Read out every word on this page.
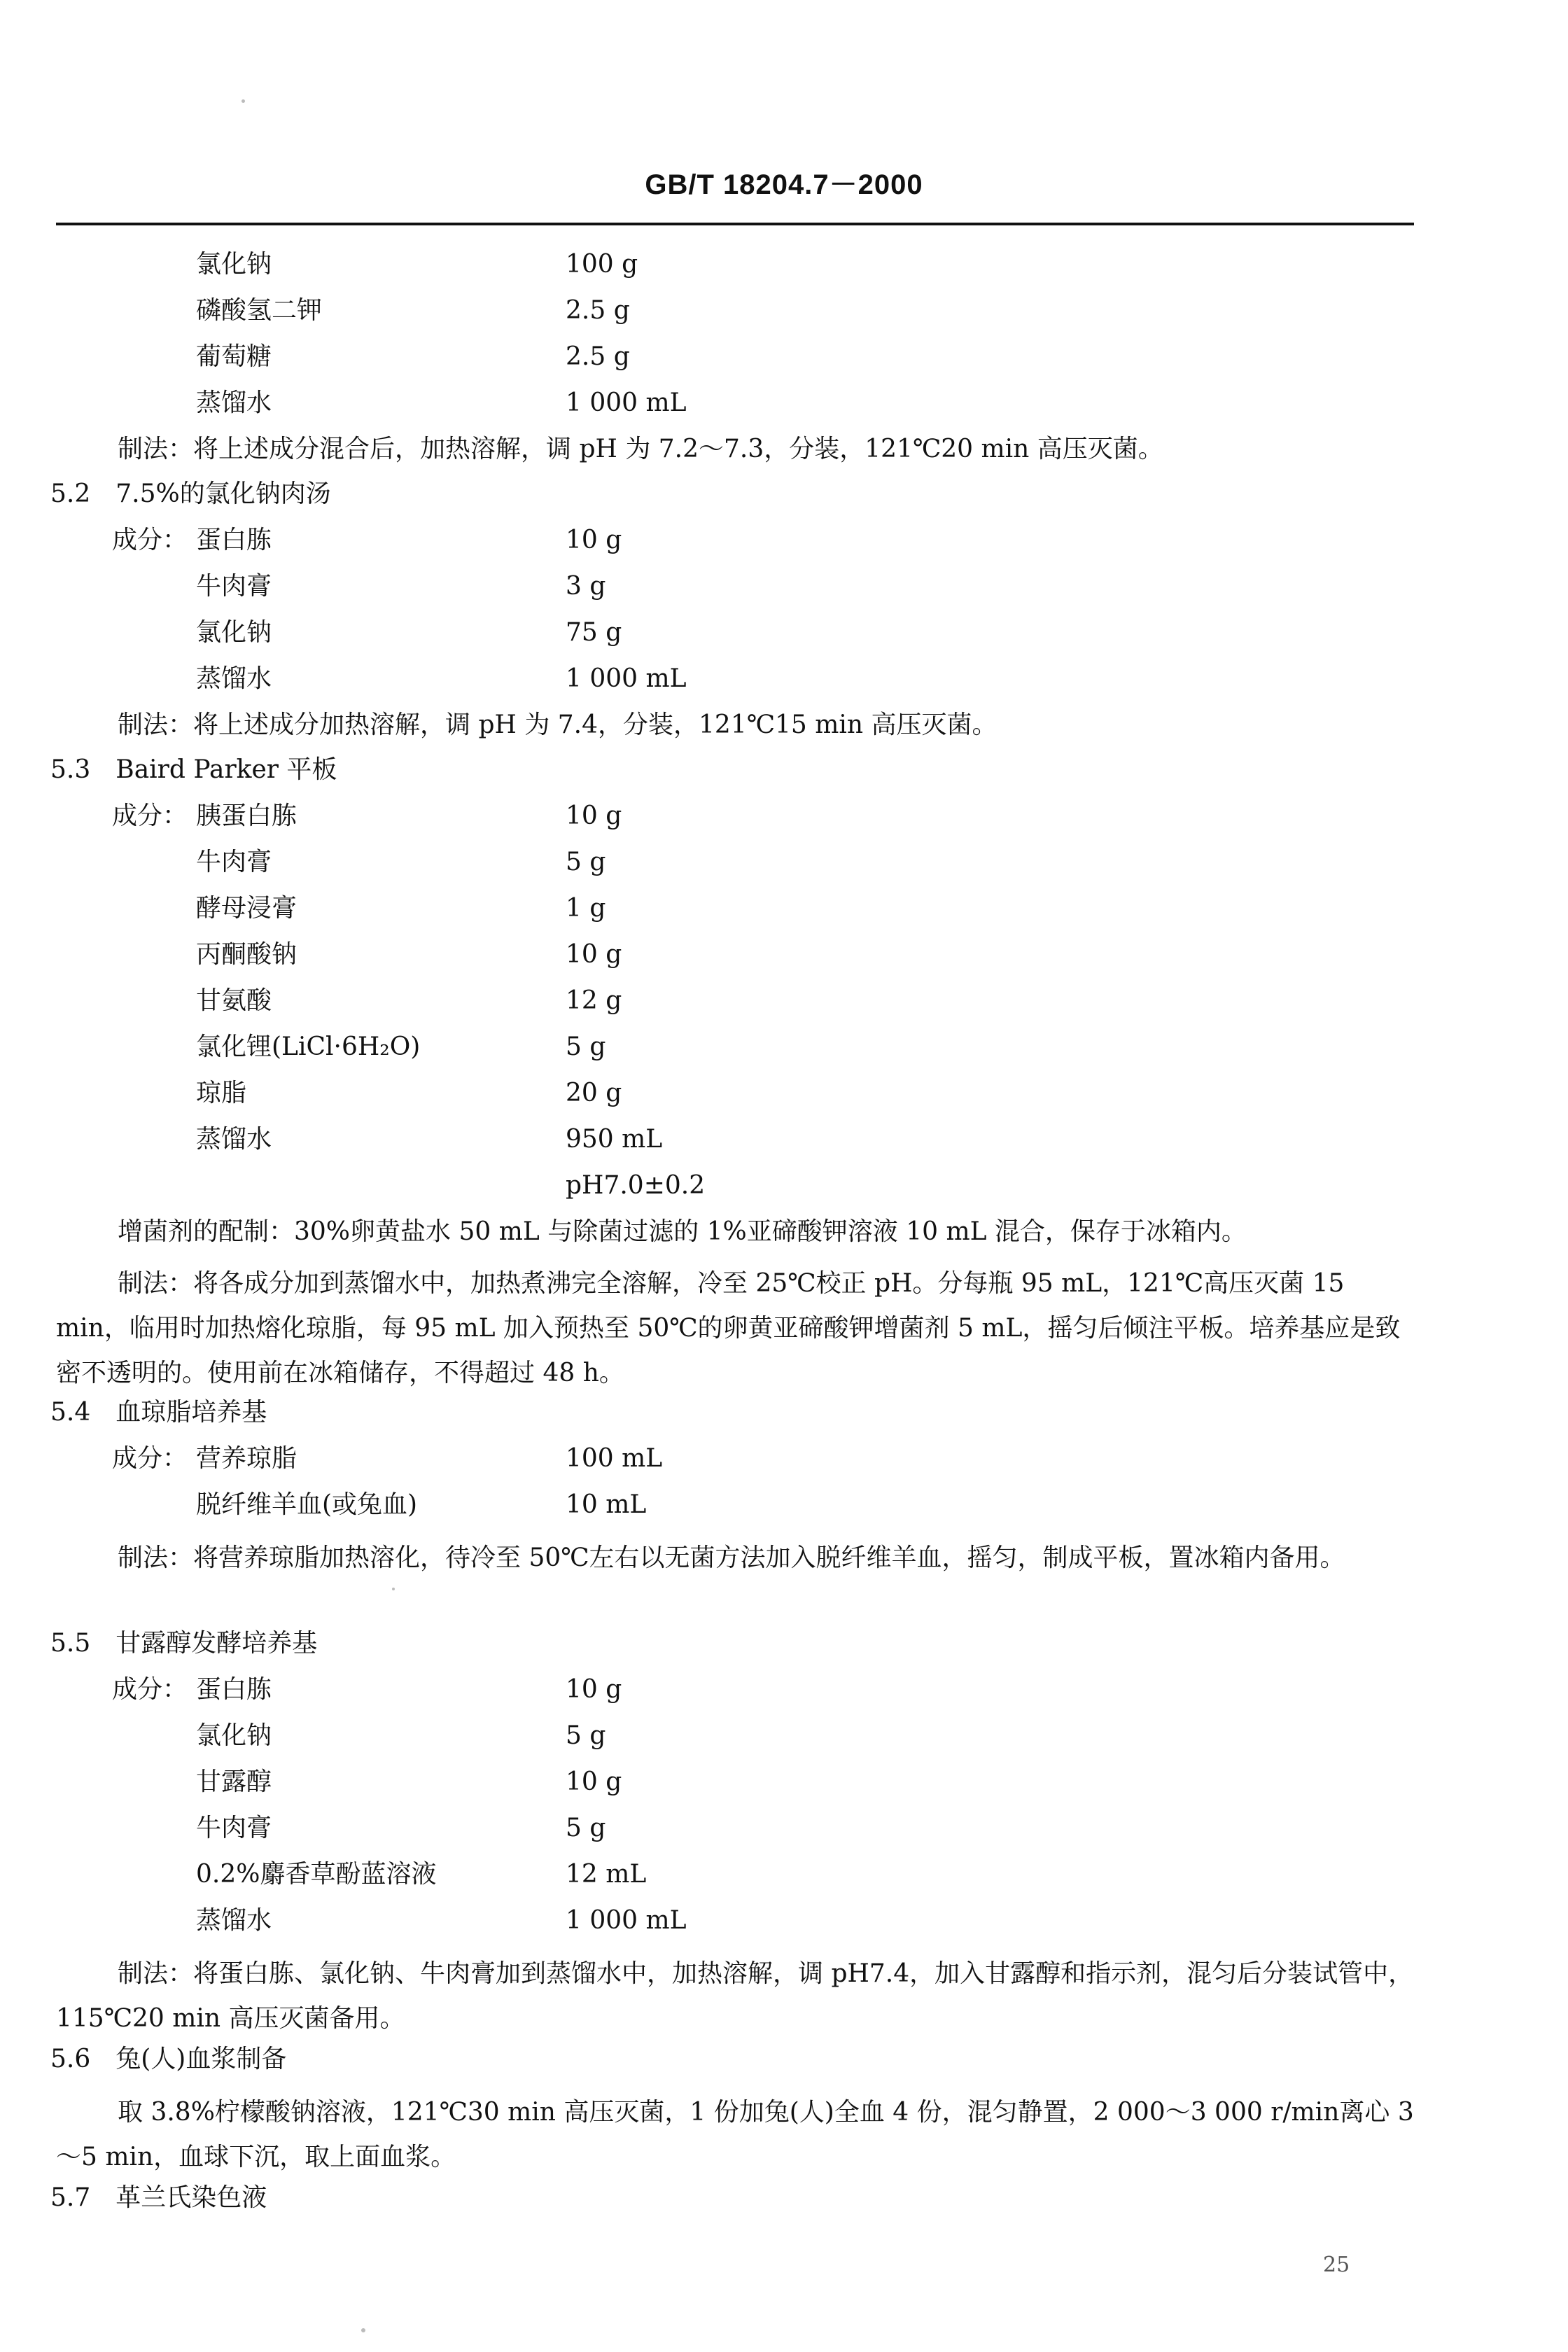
GB/T 18204.7－2000
氯化钠	100 g
磷酸氢二钾	2.5 g
葡萄糖	2.5 g
蒸馏水	1 000 mL
制法：将上述成分混合后，加热溶解，调 pH 为 7.2～7.3，分装，121℃20 min 高压灭菌。
5.2　7.5%的氯化钠肉汤
成分： 蛋白胨	10 g
牛肉膏	3 g
氯化钠	75 g
蒸馏水	1 000 mL
制法：将上述成分加热溶解，调 pH 为 7.4，分装，121℃15 min 高压灭菌。
5.3　Baird Parker 平板
成分： 胰蛋白胨	10 g
牛肉膏	5 g
酵母浸膏	1 g
丙酮酸钠	10 g
甘氨酸	12 g
氯化锂(LiCl·6H₂O)	5 g
琼脂	20 g
蒸馏水	950 mL
pH7.0±0.2
增菌剂的配制：30%卵黄盐水 50 mL 与除菌过滤的 1%亚碲酸钾溶液 10 mL 混合，保存于冰箱内。
制法：将各成分加到蒸馏水中，加热煮沸完全溶解，冷至 25℃校正 pH。分每瓶 95 mL，121℃高压灭菌 15 min，临用时加热熔化琼脂，每 95 mL 加入预热至 50℃的卵黄亚碲酸钾增菌剂 5 mL，摇匀后倾注平板。培养基应是致密不透明的。使用前在冰箱储存，不得超过 48 h。
5.4　血琼脂培养基
成分： 营养琼脂	100 mL
脱纤维羊血(或兔血)	10 mL
制法：将营养琼脂加热溶化，待冷至 50℃左右以无菌方法加入脱纤维羊血，摇匀，制成平板，置冰箱内备用。
5.5　甘露醇发酵培养基
成分： 蛋白胨	10 g
氯化钠	5 g
甘露醇	10 g
牛肉膏	5 g
0.2%麝香草酚蓝溶液	12 mL
蒸馏水	1 000 mL
制法：将蛋白胨、氯化钠、牛肉膏加到蒸馏水中，加热溶解，调 pH7.4，加入甘露醇和指示剂，混匀后分装试管中，115℃20 min 高压灭菌备用。
5.6　兔(人)血浆制备
取 3.8%柠檬酸钠溶液，121℃30 min 高压灭菌，1 份加兔(人)全血 4 份，混匀静置，2 000～3 000 r/min离心 3～5 min，血球下沉，取上面血浆。
5.7　革兰氏染色液
25
